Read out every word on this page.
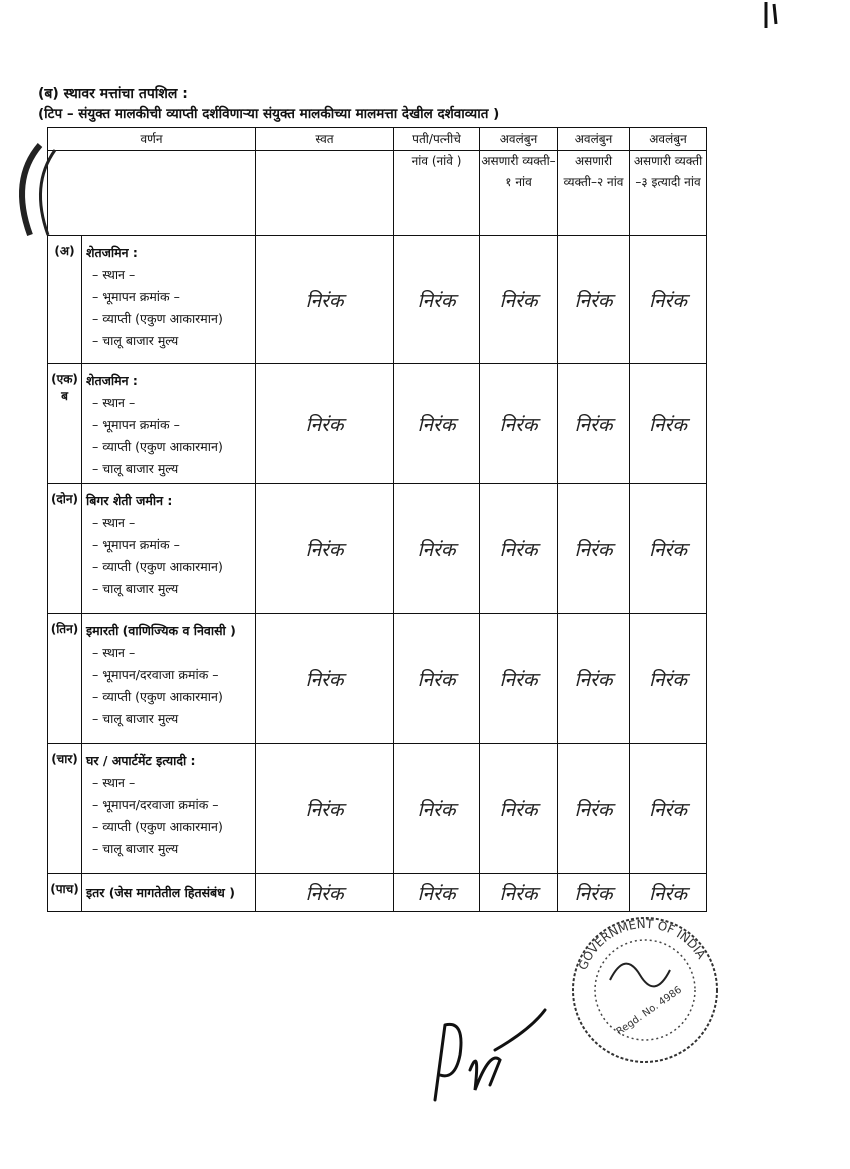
(ब) स्थावर मत्तांचा तपशिल :
(टिप – संयुक्त मालकीची व्याप्ती दर्शविणाऱ्या संयुक्त मालकीच्या मालमत्ता देखील दर्शवाव्यात )
वर्णन		स्वत	पती/पत्नीचे	अवलंबुन	अवलंबुन	अवलंबुन
			नांव (नांवे )	असणारी व्यक्ती–१ नांव	असणारी व्यक्ती–२ नांव	असणारी व्यक्ती –३ इत्यादी नांव

(अ)	शेतजमिन :
– स्थान –
– भूमापन क्रमांक –
– व्याप्ती (एकुण आकारमान)
– चालू बाजार मुल्य	निरंक	निरंक	निरंक	निरंक	निरंक

(एक)
ब	शेतजमिन :
– स्थान –
– भूमापन क्रमांक –
– व्याप्ती (एकुण आकारमान)
– चालू बाजार मुल्य	निरंक	निरंक	निरंक	निरंक	निरंक

(दोन)	बिगर शेती जमीन :
– स्थान –
– भूमापन क्रमांक –
– व्याप्ती (एकुण आकारमान)
– चालू बाजार मुल्य	निरंक	निरंक	निरंक	निरंक	निरंक

(तिन)	इमारती (वाणिज्यिक व निवासी )
– स्थान –
– भूमापन/दरवाजा क्रमांक –
– व्याप्ती (एकुण आकारमान)
– चालू बाजार मुल्य	निरंक	निरंक	निरंक	निरंक	निरंक

(चार)	घर / अपार्टमेंट इत्यादी :
– स्थान –
– भूमापन/दरवाजा क्रमांक –
– व्याप्ती (एकुण आकारमान)
– चालू बाजार मुल्य	निरंक	निरंक	निरंक	निरंक	निरंक

(पाच)	इतर (जेस मागतेतील हितसंबंध )	निरंक	निरंक	निरंक	निरंक	निरंक
GOVERNMENT OF INDIA
Regd. No. 4986
